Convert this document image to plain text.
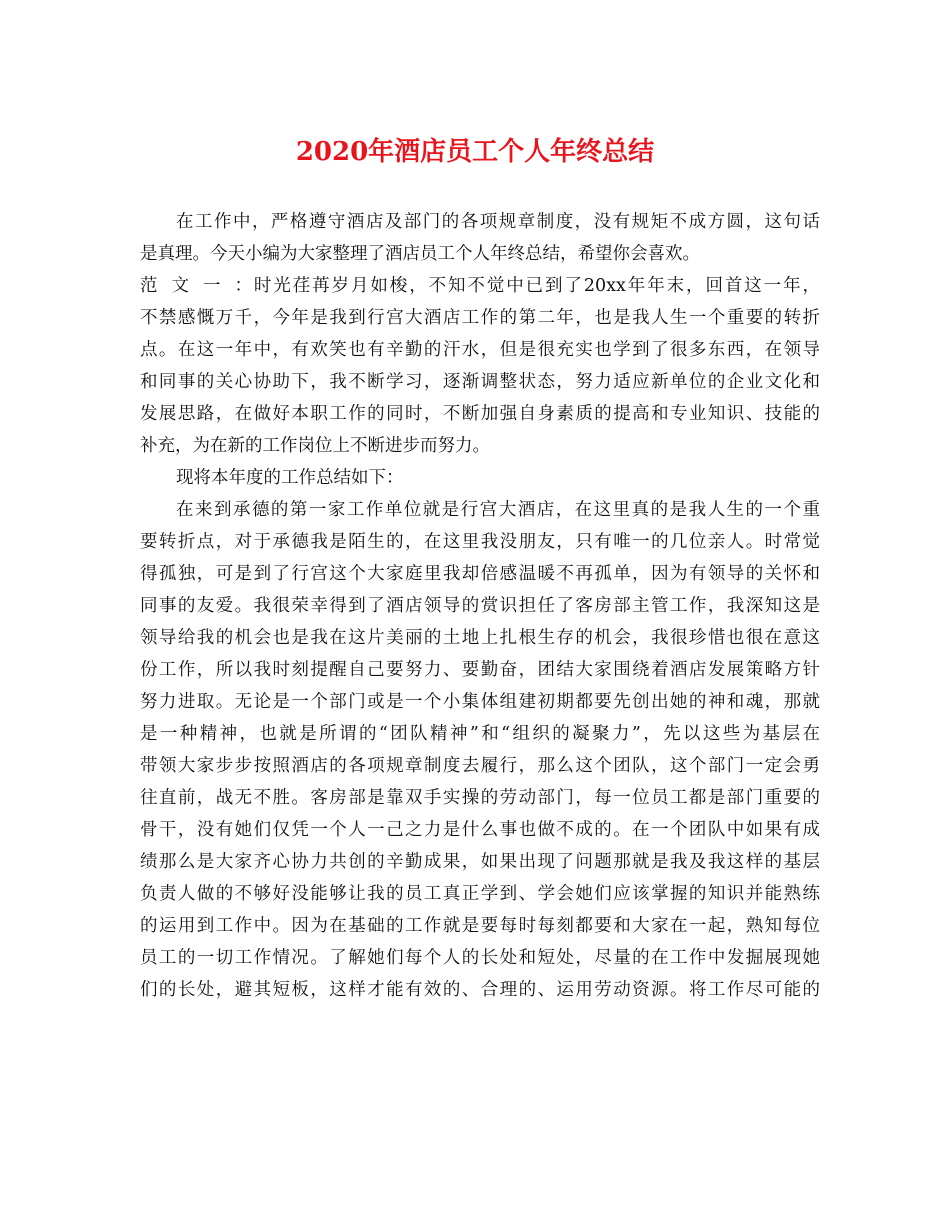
2020年酒店员工个人年终总结
在工作中，严格遵守酒店及部门的各项规章制度，没有规矩不成方圆，这句话
是真理。今天小编为大家整理了酒店员工个人年终总结，希望你会喜欢。
范文一：时光荏苒岁月如梭，不知不觉中已到了20xx年年末，回首这一年，
不禁感慨万千，今年是我到行宫大酒店工作的第二年，也是我人生一个重要的转折
点。在这一年中，有欢笑也有辛勤的汗水，但是很充实也学到了很多东西，在领导
和同事的关心协助下，我不断学习，逐渐调整状态，努力适应新单位的企业文化和
发展思路，在做好本职工作的同时，不断加强自身素质的提高和专业知识、技能的
补充，为在新的工作岗位上不断进步而努力。
现将本年度的工作总结如下：
在来到承德的第一家工作单位就是行宫大酒店，在这里真的是我人生的一个重
要转折点，对于承德我是陌生的，在这里我没朋友，只有唯一的几位亲人。时常觉
得孤独，可是到了行宫这个大家庭里我却倍感温暖不再孤单，因为有领导的关怀和
同事的友爱。我很荣幸得到了酒店领导的赏识担任了客房部主管工作，我深知这是
领导给我的机会也是我在这片美丽的土地上扎根生存的机会，我很珍惜也很在意这
份工作，所以我时刻提醒自己要努力、要勤奋，团结大家围绕着酒店发展策略方针
努力进取。无论是一个部门或是一个小集体组建初期都要先创出她的神和魂，那就
是一种精神，也就是所谓的“团队精神”和“组织的凝聚力”，先以这些为基层在
带领大家步步按照酒店的各项规章制度去履行，那么这个团队，这个部门一定会勇
往直前，战无不胜。客房部是靠双手实操的劳动部门，每一位员工都是部门重要的
骨干，没有她们仅凭一个人一己之力是什么事也做不成的。在一个团队中如果有成
绩那么是大家齐心协力共创的辛勤成果，如果出现了问题那就是我及我这样的基层
负责人做的不够好没能够让我的员工真正学到、学会她们应该掌握的知识并能熟练
的运用到工作中。因为在基础的工作就是要每时每刻都要和大家在一起，熟知每位
员工的一切工作情况。了解她们每个人的长处和短处，尽量的在工作中发掘展现她
们的长处，避其短板，这样才能有效的、合理的、运用劳动资源。将工作尽可能的
